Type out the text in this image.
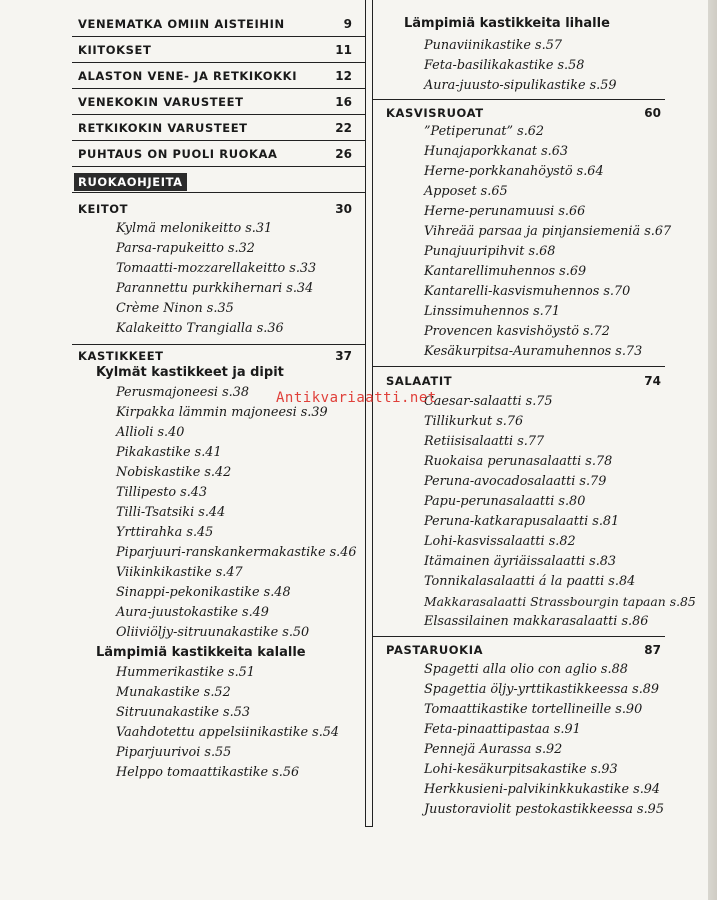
VENEMATKA OMIIN AISTEIHIN	9
KIITOKSET	11
ALASTON VENE- JA RETKIKOKKI	12
VENEKOKIN VARUSTEET	16
RETKIKOKIN VARUSTEET	22
PUHTAUS ON PUOLI RUOKAA	26
RUOKAOHJEITA
KEITOT	30
Kylmä melonikeitto s.31
Parsa-rapukeitto s.32
Tomaatti-mozzarellakeitto s.33
Parannettu purkkihernari s.34
Crème Ninon s.35
Kalakeitto Trangialla s.36
KASTIKKEET	37
Kylmät kastikkeet ja dipit
Perusmajoneesi s.38
Kirpakka lämmin majoneesi s.39
Allioli s.40
Pikakastike s.41
Nobiskastike s.42
Tillipesto s.43
Tilli-Tsatsiki s.44
Yrttirahka s.45
Piparjuuri-ranskankermakastike s.46
Viikinkikastike s.47
Sinappi-pekonikastike s.48
Aura-juustokastike s.49
Oliiviöljy-sitruunakastike s.50
Lämpimiä kastikkeita kalalle
Hummerikastike s.51
Munakastike s.52
Sitruunakastike s.53
Vaahdotettu appelsiinikastike s.54
Piparjuurivoi s.55
Helppo tomaattikastike s.56
Lämpimiä kastikkeita lihalle
Punaviinikastike s.57
Feta-basilikakastike s.58
Aura-juusto-sipulikastike s.59
KASVISRUOAT	60
”Petiperunat” s.62
Hunajaporkkanat s.63
Herne-porkkanahöystö s.64
Apposet s.65
Herne-perunamuusi s.66
Vihreää parsaa ja pinjansiemeniä s.67
Punajuuripihvit s.68
Kantarellimuhennos s.69
Kantarelli-kasvismuhennos s.70
Linssimuhennos s.71
Provencen kasvishöystö s.72
Kesäkurpitsa-Auramuhennos s.73
SALAATIT	74
Caesar-salaatti s.75
Tillikurkut s.76
Retiisisalaatti s.77
Ruokaisa perunasalaatti s.78
Peruna-avocadosalaatti s.79
Papu-perunasalaatti s.80
Peruna-katkarapusalaatti s.81
Lohi-kasvissalaatti s.82
Itämainen äyriäissalaatti s.83
Tonnikalasalaatti á la paatti s.84
Makkarasalaatti Strassbourgin tapaan s.85
Elsassilainen makkarasalaatti s.86
PASTARUOKIA	87
Spagetti alla olio con aglio s.88
Spagettia öljy-yrttikastikkeessa s.89
Tomaattikastike tortellineille s.90
Feta-pinaattipastaa s.91
Pennejä Aurassa s.92
Lohi-kesäkurpitsakastike s.93
Herkkusieni-palvikinkkukastike s.94
Juustoraviolit pestokastikkeessa s.95
Antikvariaatti.net
